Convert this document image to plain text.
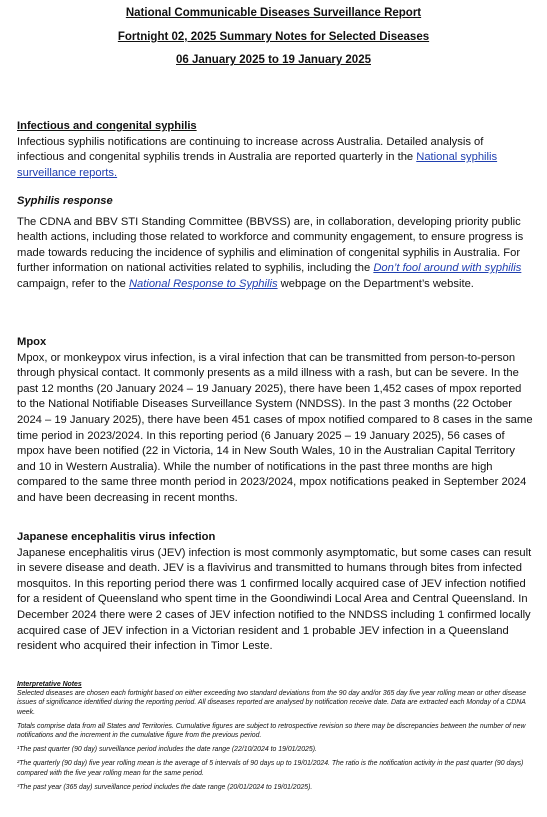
National Communicable Diseases Surveillance Report
Fortnight 02, 2025 Summary Notes for Selected Diseases
06 January 2025 to 19 January 2025

Infectious and congenital syphilis

Infectious syphilis notifications are continuing to increase across Australia. Detailed analysis of infectious and congenital syphilis trends in Australia are reported quarterly in the National syphilis surveillance reports.

Syphilis response

The CDNA and BBV STI Standing Committee (BBVSS) are, in collaboration, developing priority public health actions, including those related to workforce and community engagement, to ensure progress is made towards reducing the incidence of syphilis and elimination of congenital syphilis in Australia. For further information on national activities related to syphilis, including the Don’t fool around with syphilis campaign, refer to the National Response to Syphilis webpage on the Department’s website.

Mpox

Mpox, or monkeypox virus infection, is a viral infection that can be transmitted from person-to-person through physical contact. It commonly presents as a mild illness with a rash, but can be severe. In the past 12 months (20 January 2024 – 19 January 2025), there have been 1,452 cases of mpox reported to the National Notifiable Diseases Surveillance System (NNDSS). In the past 3 months (22 October 2024 – 19 January 2025), there have been 451 cases of mpox notified compared to 8 cases in the same time period in 2023/2024. In this reporting period (6 January 2025 – 19 January 2025), 56 cases of mpox have been notified (22 in Victoria, 14 in New South Wales, 10 in the Australian Capital Territory and 10 in Western Australia). While the number of notifications in the past three months are high compared to the same three month period in 2023/2024, mpox notifications peaked in September 2024 and have been decreasing in recent months.

Japanese encephalitis virus infection

Japanese encephalitis virus (JEV) infection is most commonly asymptomatic, but some cases can result in severe disease and death. JEV is a flavivirus and transmitted to humans through bites from infected mosquitos. In this reporting period there was 1 confirmed locally acquired case of JEV infection notified for a resident of Queensland who spent time in the Goondiwindi Local Area and Central Queensland. In December 2024 there were 2 cases of JEV infection notified to the NNDSS including 1 confirmed locally acquired case of JEV infection in a Victorian resident and 1 probable JEV infection in a Queensland resident who acquired their infection in Timor Leste.

Interpretative Notes

Selected diseases are chosen each fortnight based on either exceeding two standard deviations from the 90 day and/or 365 day five year rolling mean or other disease issues of significance identified during the reporting period. All diseases reported are analysed by notification receive date. Data are extracted each Monday of a CDNA week.

Totals comprise data from all States and Territories. Cumulative figures are subject to retrospective revision so there may be discrepancies between the number of new notifications and the increment in the cumulative figure from the previous period.

¹The past quarter (90 day) surveillance period includes the date range (22/10/2024 to 19/01/2025).

²The quarterly (90 day) five year rolling mean is the average of 5 intervals of 90 days up to 19/01/2024. The ratio is the notification activity in the past quarter (90 days) compared with the five year rolling mean for the same period.

³The past year (365 day) surveillance period includes the date range (20/01/2024 to 19/01/2025).
